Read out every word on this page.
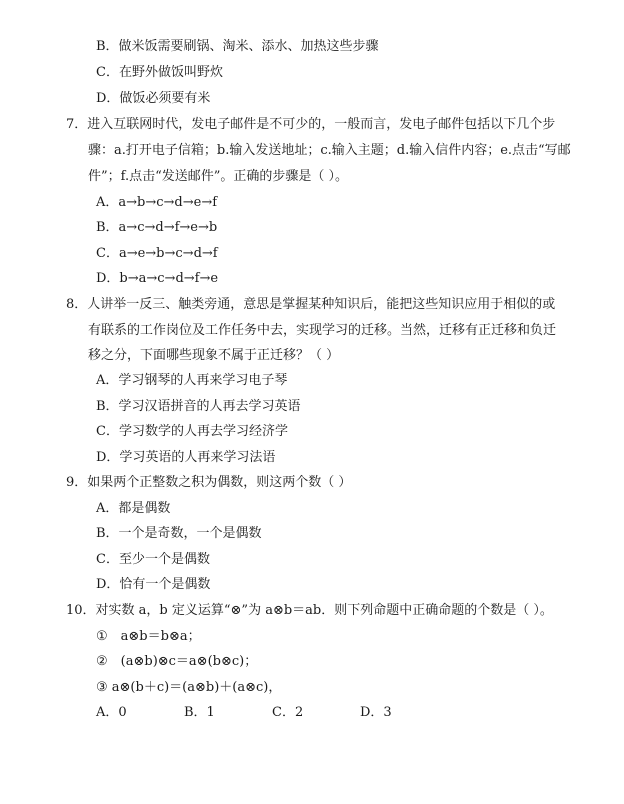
B．做米饭需要刷锅、淘米、添水、加热这些步骤
C．在野外做饭叫野炊
D．做饭必须要有米
7．进入互联网时代，发电子邮件是不可少的，一般而言，发电子邮件包括以下几个步
骤：a.打开电子信箱；b.输入发送地址；c.输入主题；d.输入信件内容；e.点击“写邮
件”；f.点击“发送邮件”。正确的步骤是（ ）。
A．a→b→c→d→e→f
B．a→c→d→f→e→b
C．a→e→b→c→d→f
D．b→a→c→d→f→e
8．人讲举一反三、触类旁通，意思是掌握某种知识后，能把这些知识应用于相似的或
有联系的工作岗位及工作任务中去，实现学习的迁移。当然，迁移有正迁移和负迁
移之分，下面哪些现象不属于正迁移？（ ）
A．学习钢琴的人再来学习电子琴
B．学习汉语拼音的人再去学习英语
C．学习数学的人再去学习经济学
D．学习英语的人再来学习法语
9．如果两个正整数之积为偶数，则这两个数（ ）
A．都是偶数
B．一个是奇数，一个是偶数
C．至少一个是偶数
D．恰有一个是偶数
10．对实数 a，b 定义运算“⊗”为 a⊗b＝ab．则下列命题中正确命题的个数是（ ）。
①　a⊗b＝b⊗a；
②　(a⊗b)⊗c＝a⊗(b⊗c)；
③ a⊗(b＋c)＝(a⊗b)＋(a⊗c)，
A．0	B．1	C．2	D．3
